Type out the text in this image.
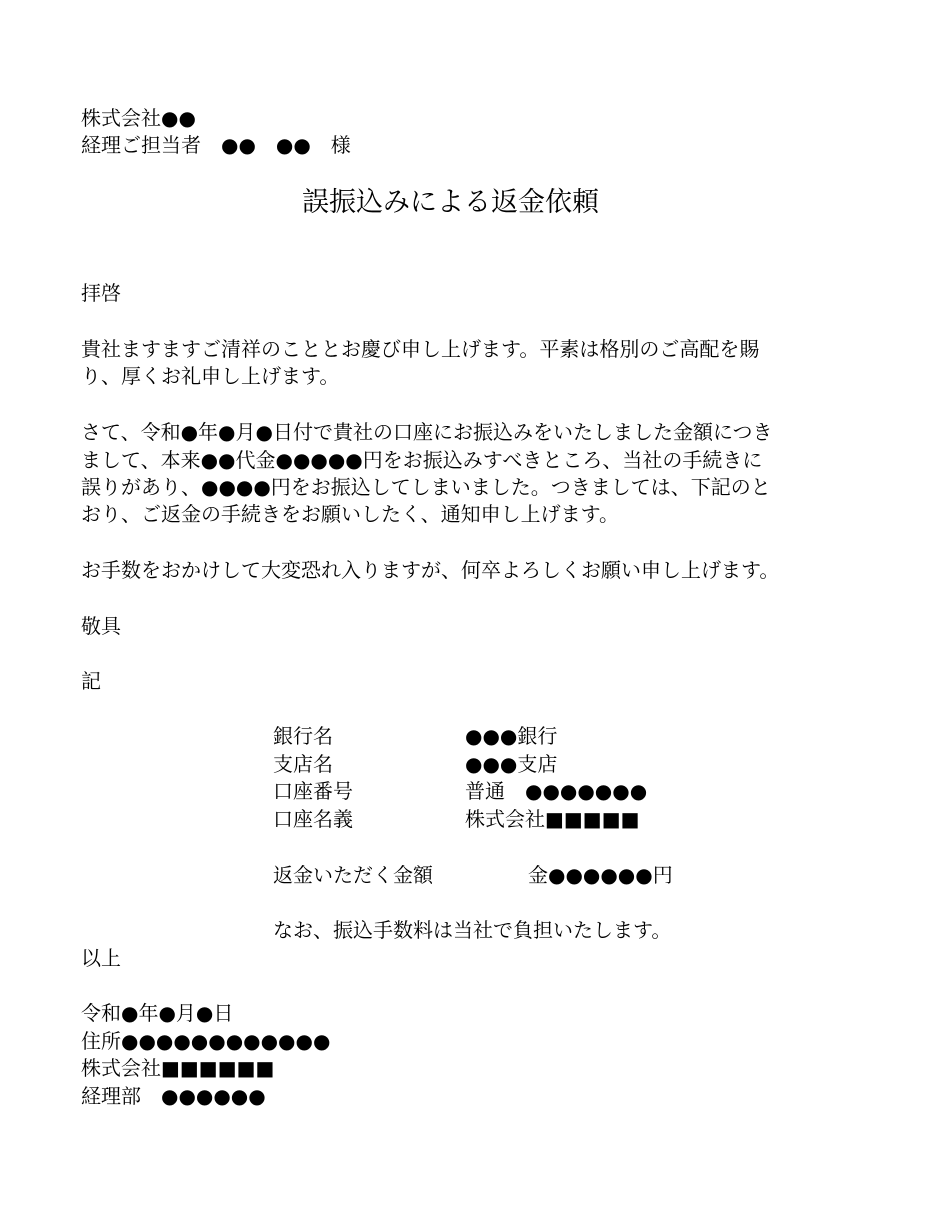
株式会社●●
経理ご担当者　●●　●●　様
誤振込みによる返金依頼
拝啓
貴社ますますご清祥のこととお慶び申し上げます。平素は格別のご高配を賜
り、厚くお礼申し上げます。
さて、令和●年●月●日付で貴社の口座にお振込みをいたしました金額につき
まして、本来●●代金●●●●●円をお振込みすべきところ、当社の手続きに
誤りがあり、●●●●円をお振込してしまいました。つきましては、下記のと
おり、ご返金の手続きをお願いしたく、通知申し上げます。
お手数をおかけして大変恐れ入りますが、何卒よろしくお願い申し上げます。
敬具
記
銀行名	●●●銀行
支店名	●●●支店
口座番号	普通　●●●●●●●
口座名義	株式会社■■■■■
返金いただく金額	金●●●●●●円
なお、振込手数料は当社で負担いたします。
以上
令和●年●月●日
住所●●●●●●●●●●●●
株式会社■■■■■■
経理部　●●●●●●
